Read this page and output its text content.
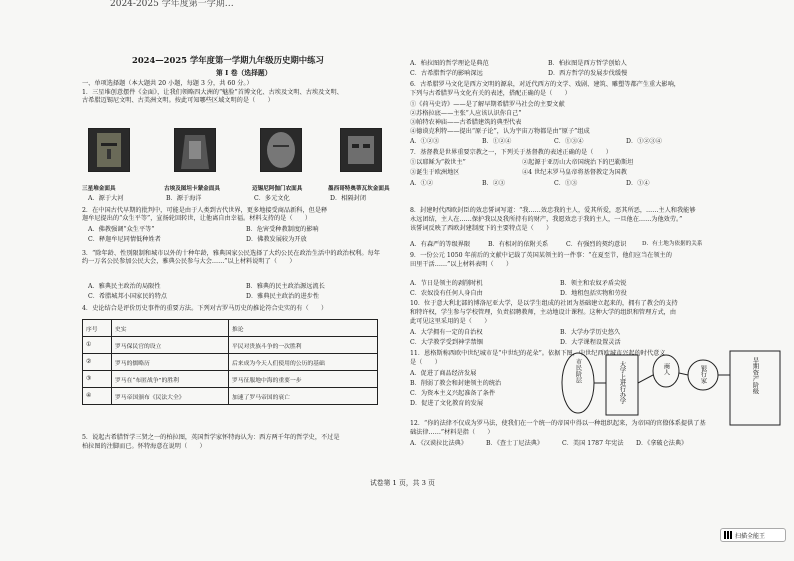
2024-2025 学年度第一学期…
2024—2025 学年度第一学期九年级历史期中练习
第 I 卷（选择题）
一、单项选择题（本大题共 20 小题，每题 3 分，共 60 分。）
1．三星堆创意摆件《金面》，让我们领略四大洲的“魅脸”首博文化、古埃及文明、古埃及文明、
古希腊迈锡尼文明、古美洲文明。按此可知哪些区域文明的是（　　）
三星堆金面具	古埃及图坦卡蒙金面具	迈锡尼阿伽门农面具	墨西哥特奥蒂瓦坎金面具
A．源于大河	B．源于海洋	C．多元文化	D．相隔封闭
2．在中国古代早期的批判中，可能是由于人类到古代世界，更多地接受商品新科，但是释
迦牟尼提出的“众生平等”，宣扬轮回转世，让他离自由幸福。材料支持的是（　　）
A．佛教强调“众生平等”	B．危害受种教制度的影响
C．释迦牟尼同情低种姓者	D．佛教发展较为开放
3．“除年龄、性别限制和城市以外的十种年龄，雅典国家公民选择了大约公民在政治生活中的政治权利。每年
约一万名公民参加公民大会，雅典公民参与大会……”以上材料说明了（　　）
A．雅典民主政治的局限性	B．雅典的民主政治源远流长
C．希腊城邦小国家民的特点	D．雅典民主政治的进步性
4．史论结合是评价历史事件的重要方法。下列对古罗马历史的推论符合史实的有（　　）
序号	史实	推论
①	罗马保民官的设立	平民对贵族斗争的一次胜利
②	罗马的儒略历	后来成为今天人们使用的公历的基础
③	罗马在“布匿战争”的胜利	罗马征服地中海的重要一步
④	罗马帝国颁布《民法大全》	加速了罗马帝国的衰亡
5．说起古希腊哲学三贤之一的柏拉图，英国哲学家怀特海认为：西方两千年的哲学史，不过是
柏拉图的注脚而已。怀特海意在说明（　　）
A．柏拉图的哲学理论是典范	B．柏拉图是西方哲学创始人
C．古希腊哲学的影响深远	D．西方哲学的发展步伐缓慢
6．古希腊罗马文化是西方文明的源泉，对近代西方的文学、戏剧、建筑、雕塑等都产生重大影响，
下列与古希腊罗马文化有关的表述，搭配正确的是（　　）
①《荷马史诗》——是了解早期希腊罗马社会的主要文献
②苏格拉底——主张“人应该认识你自己”
③帕特农神庙——古希腊建筑的典型代表
④德谟克利特——提出“原子论”，认为宇宙万物都是由“原子”组成
A．①②③	B．①②④	C．①③④	D．①②③④
7．基督教是世界重要宗教之一，下列关于基督教的表述正确的是（　　）
①以耶稣为“救世主”	②起源于亚历山大帝国统治下的巴勒斯坦
③诞生于欧洲地区	④4 世纪末罗马皇帝将基督教定为国教
A．①②	B．②③	C．①③	D．①④
8．封建时代西欧封臣的效忠誓词写道：“我……效忠我的主人，爱其所爱，恶其所恶，……主人和我能够
永远团结，主人在……保护我以及我所持有的财产，我愿效忠于我的主人，一旦他在……为他效劳。”
该誓词反映了西欧封建制度下的主要特点是（　　）
A．有森严的等级界限	B．有相对的依附关系	C．有强烈的契约意识	D．有土地为依据的关系
9．一份公元 1050 年前后的文献中记载了英国某领主的一件事：“在夏至节，他们应当在领主的
田里干活……”以上材料表明（　　）
A．节日是领主的剥削时机	B．领主和农奴矛盾尖锐
C．农奴没有任何人身自由	D．地租包括实物和劳役
10．位于意大利北部的博洛尼亚大学，是以学生组成的社团为基础建立起来的，拥有了教会的支持
和特许权，学生参与学校管理，负责招聘教师，主动地设计课程。这种大学的组织和管理方式，由
此可见这里采用的是（　　）
A．大学拥有一定的自治权	B．大学办学历史悠久
C．大学教学受到神学禁锢	D．大学课程设置灵活
11．恩格斯称西欧中世纪城市是“中世纪的花朵”。依据下图，中世纪西欧城市兴起的时代意义
是（　　）
A．促进了商品经济发展
B．削弱了教会和封建领主的统治
C．为资本主义兴起准备了条件
D．促进了文化教育的发展
12．“你的法律不仅成为罗马法，使我们在一个统一的帝国中得以一种组织起来，为帝国的官僚体系提供了基
础法律……”材料是指（　　）
A．《汉谟拉比法典》	B．《查士丁尼法典》	C．美国 1787 年宪法 D．《拿破仑法典》
市民阶层	大学上进行办学	商人	银行家	早期资产阶级
试卷第 1 页，共 3 页
扫描全能王
